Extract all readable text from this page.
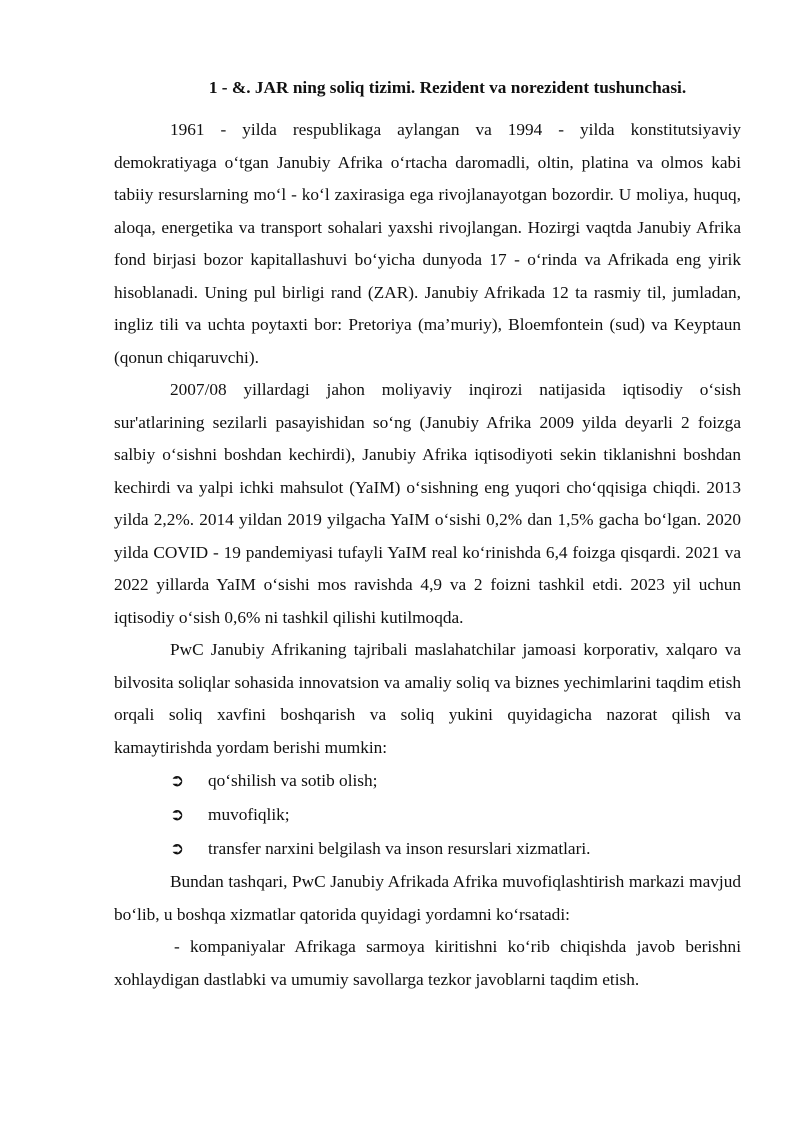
1 - &. JAR ning soliq tizimi. Rezident va norezident tushunchasi.

1961 - yilda respublikaga aylangan va 1994 - yilda konstitutsiyaviy demokratiyaga oʻtgan Janubiy Afrika oʻrtacha daromadli, oltin, platina va olmos kabi tabiiy resurslarning moʻl - koʻl zaxirasiga ega rivojlanayotgan bozordir. U moliya, huquq, aloqa, energetika va transport sohalari yaxshi rivojlangan. Hozirgi vaqtda Janubiy Afrika fond birjasi bozor kapitallashuvi boʻyicha dunyoda 17 - oʻrinda va Afrikada eng yirik hisoblanadi. Uning pul birligi rand (ZAR). Janubiy Afrikada 12 ta rasmiy til, jumladan, ingliz tili va uchta poytaxti bor: Pretoriya (ma’muriy), Bloemfontein (sud) va Keyptaun (qonun chiqaruvchi).

2007/08 yillardagi jahon moliyaviy inqirozi natijasida iqtisodiy oʻsish sur'atlarining sezilarli pasayishidan soʻng (Janubiy Afrika 2009 yilda deyarli 2 foizga salbiy oʻsishni boshdan kechirdi), Janubiy Afrika iqtisodiyoti sekin tiklanishni boshdan kechirdi va yalpi ichki mahsulot (YaIM) oʻsishning eng yuqori choʻqqisiga chiqdi. 2013 yilda 2,2%. 2014 yildan 2019 yilgacha YaIM oʻsishi 0,2% dan 1,5% gacha boʻlgan. 2020 yilda COVID - 19 pandemiyasi tufayli YaIM real koʻrinishda 6,4 foizga qisqardi. 2021 va 2022 yillarda YaIM oʻsishi mos ravishda 4,9 va 2 foizni tashkil etdi. 2023 yil uchun iqtisodiy oʻsish 0,6% ni tashkil qilishi kutilmoqda.

PwC Janubiy Afrikaning tajribali maslahatchilar jamoasi korporativ, xalqaro va bilvosita soliqlar sohasida innovatsion va amaliy soliq va biznes yechimlarini taqdim etish orqali soliq xavfini boshqarish va soliq yukini quyidagicha nazorat qilish va kamaytirishda yordam berishi mumkin:

➲	qoʻshilish va sotib olish;
➲	muvofiqlik;
➲	transfer narxini belgilash va inson resurslari xizmatlari.

Bundan tashqari, PwC Janubiy Afrikada Afrika muvofiqlashtirish markazi mavjud boʻlib, u boshqa xizmatlar qatorida quyidagi yordamni koʻrsatadi:

- kompaniyalar Afrikaga sarmoya kiritishni koʻrib chiqishda javob berishni xohlaydigan dastlabki va umumiy savollarga tezkor javoblarni taqdim etish.
